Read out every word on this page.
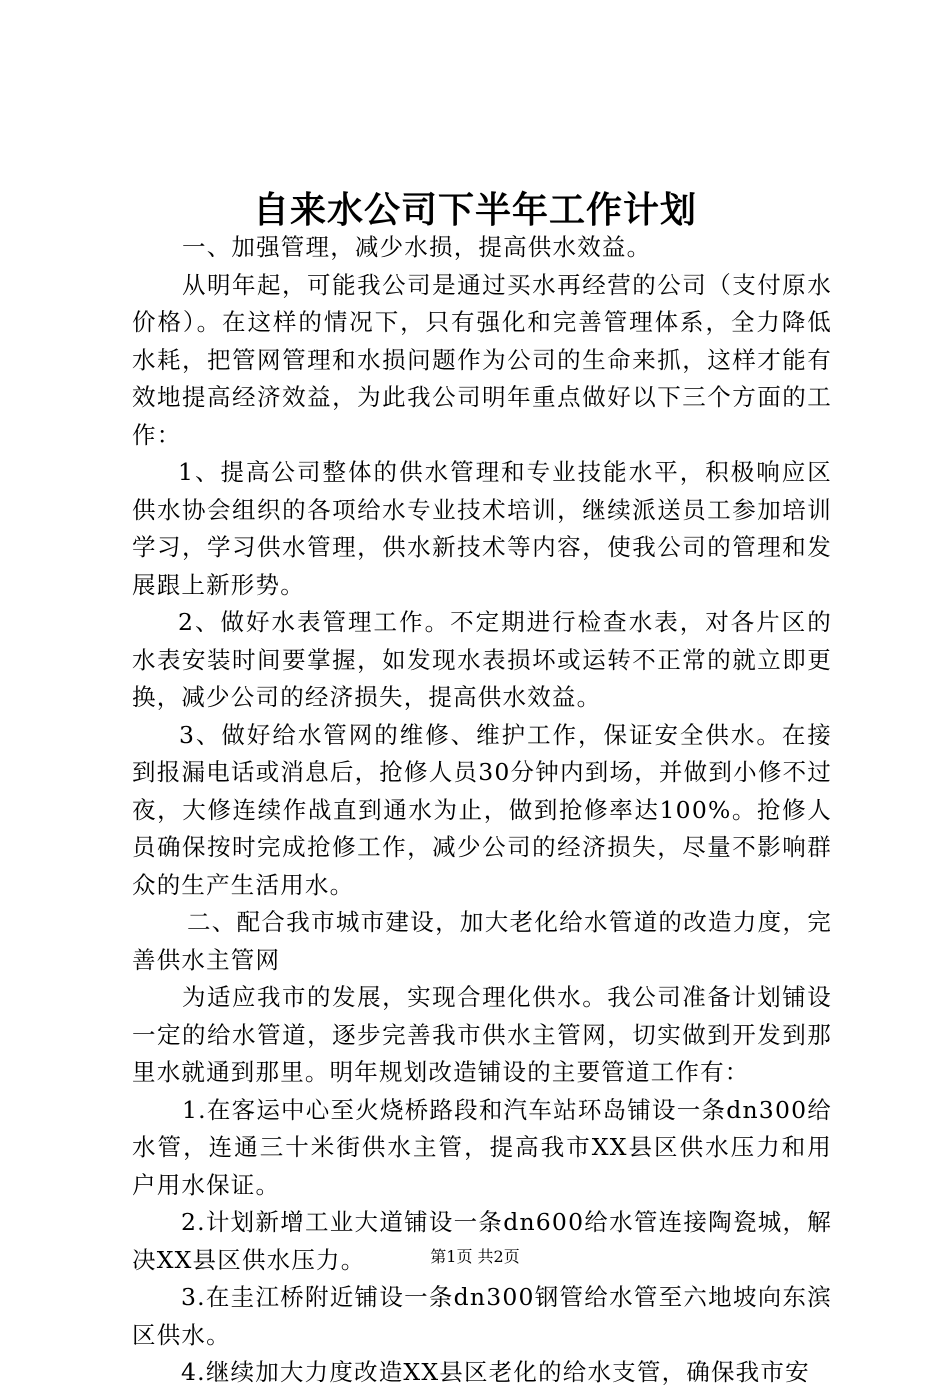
自来水公司下半年工作计划

一、加强管理，减少水损，提高供水效益。

从明年起，可能我公司是通过买水再经营的公司（支付原水价格）。在这样的情况下，只有强化和完善管理体系，全力降低水耗，把管网管理和水损问题作为公司的生命来抓，这样才能有效地提高经济效益，为此我公司明年重点做好以下三个方面的工作：

1、提高公司整体的供水管理和专业技能水平，积极响应区供水协会组织的各项给水专业技术培训，继续派送员工参加培训学习，学习供水管理，供水新技术等内容，使我公司的管理和发展跟上新形势。

2、做好水表管理工作。不定期进行检查水表，对各片区的水表安装时间要掌握，如发现水表损坏或运转不正常的就立即更换，减少公司的经济损失，提高供水效益。

3、做好给水管网的维修、维护工作，保证安全供水。在接到报漏电话或消息后，抢修人员30分钟内到场，并做到小修不过夜，大修连续作战直到通水为止，做到抢修率达100%。抢修人员确保按时完成抢修工作，减少公司的经济损失，尽量不影响群众的生产生活用水。

二、配合我市城市建设，加大老化给水管道的改造力度，完善供水主管网

为适应我市的发展，实现合理化供水。我公司准备计划铺设一定的给水管道，逐步完善我市供水主管网，切实做到开发到那里水就通到那里。明年规划改造铺设的主要管道工作有：

1.在客运中心至火烧桥路段和汽车站环岛铺设一条dn300给水管，连通三十米街供水主管，提高我市XX县区供水压力和用户用水保证。

2.计划新增工业大道铺设一条dn600给水管连接陶瓷城，解决XX县区供水压力。

3.在圭江桥附近铺设一条dn300钢管给水管至六地坡向东滨区供水。

4.继续加大力度改造XX县区老化的给水支管，确保我市安

第1页 共2页
